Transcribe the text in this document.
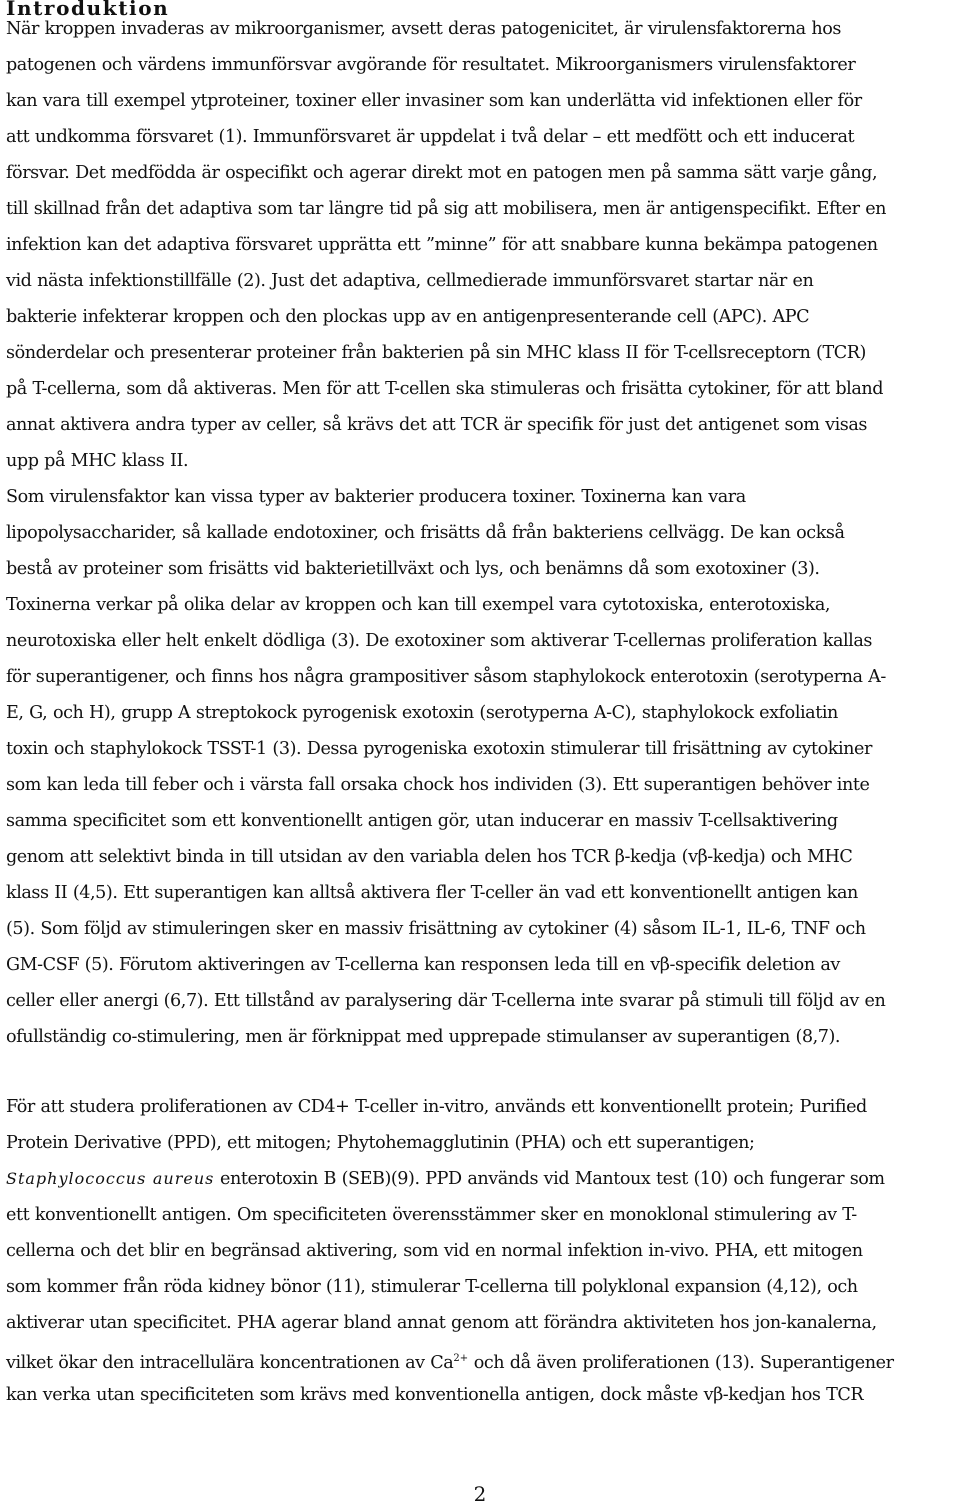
Introduktion
När kroppen invaderas av mikroorganismer, avsett deras patogenicitet, är virulensfaktorerna hos
patogenen och värdens immunförsvar avgörande för resultatet. Mikroorganismers virulensfaktorer
kan vara till exempel ytproteiner, toxiner eller invasiner som kan underlätta vid infektionen eller för
att undkomma försvaret (1). Immunförsvaret är uppdelat i två delar – ett medfött och ett inducerat
försvar. Det medfödda är ospecifikt och agerar direkt mot en patogen men på samma sätt varje gång,
till skillnad från det adaptiva som tar längre tid på sig att mobilisera, men är antigenspecifikt. Efter en
infektion kan det adaptiva försvaret upprätta ett ”minne” för att snabbare kunna bekämpa patogenen
vid nästa infektionstillfälle (2). Just det adaptiva, cellmedierade immunförsvaret startar när en
bakterie infekterar kroppen och den plockas upp av en antigenpresenterande cell (APC). APC
sönderdelar och presenterar proteiner från bakterien på sin MHC klass II för T-cellsreceptorn (TCR)
på T-cellerna, som då aktiveras. Men för att T-cellen ska stimuleras och frisätta cytokiner, för att bland
annat aktivera andra typer av celler, så krävs det att TCR är specifik för just det antigenet som visas
upp på MHC klass II.
Som virulensfaktor kan vissa typer av bakterier producera toxiner. Toxinerna kan vara
lipopolysaccharider, så kallade endotoxiner, och frisätts då från bakteriens cellvägg. De kan också
bestå av proteiner som frisätts vid bakterietillväxt och lys, och benämns då som exotoxiner (3).
Toxinerna verkar på olika delar av kroppen och kan till exempel vara cytotoxiska, enterotoxiska,
neurotoxiska eller helt enkelt dödliga (3). De exotoxiner som aktiverar T-cellernas proliferation kallas
för superantigener, och finns hos några grampositiver såsom staphylokock enterotoxin (serotyperna A-
E, G, och H), grupp A streptokock pyrogenisk exotoxin (serotyperna A-C), staphylokock exfoliatin
toxin och staphylokock TSST-1 (3). Dessa pyrogeniska exotoxin stimulerar till frisättning av cytokiner
som kan leda till feber och i värsta fall orsaka chock hos individen (3). Ett superantigen behöver inte
samma specificitet som ett konventionellt antigen gör, utan inducerar en massiv T-cellsaktivering
genom att selektivt binda in till utsidan av den variabla delen hos TCR β-kedja (vβ-kedja) och MHC
klass II (4,5). Ett superantigen kan alltså aktivera fler T-celler än vad ett konventionellt antigen kan
(5). Som följd av stimuleringen sker en massiv frisättning av cytokiner (4) såsom IL-1, IL-6, TNF och
GM-CSF (5). Förutom aktiveringen av T-cellerna kan responsen leda till en vβ-specifik deletion av
celler eller anergi (6,7). Ett tillstånd av paralysering där T-cellerna inte svarar på stimuli till följd av en
ofullständig co-stimulering, men är förknippat med upprepade stimulanser av superantigen (8,7).
För att studera proliferationen av CD4+ T-celler in-vitro, används ett konventionellt protein; Purified
Protein Derivative (PPD), ett mitogen; Phytohemagglutinin (PHA) och ett superantigen;
Staphylococcus aureus enterotoxin B (SEB)(9). PPD används vid Mantoux test (10) och fungerar som
ett konventionellt antigen. Om specificiteten överensstämmer sker en monoklonal stimulering av T-
cellerna och det blir en begränsad aktivering, som vid en normal infektion in-vivo. PHA, ett mitogen
som kommer från röda kidney bönor (11), stimulerar T-cellerna till polyklonal expansion (4,12), och
aktiverar utan specificitet. PHA agerar bland annat genom att förändra aktiviteten hos jon-kanalerna,
vilket ökar den intracellulära koncentrationen av $Ca^{2+}$ och då även proliferationen (13). Superantigener
kan verka utan specificiteten som krävs med konventionella antigen, dock måste vβ-kedjan hos TCR
2
